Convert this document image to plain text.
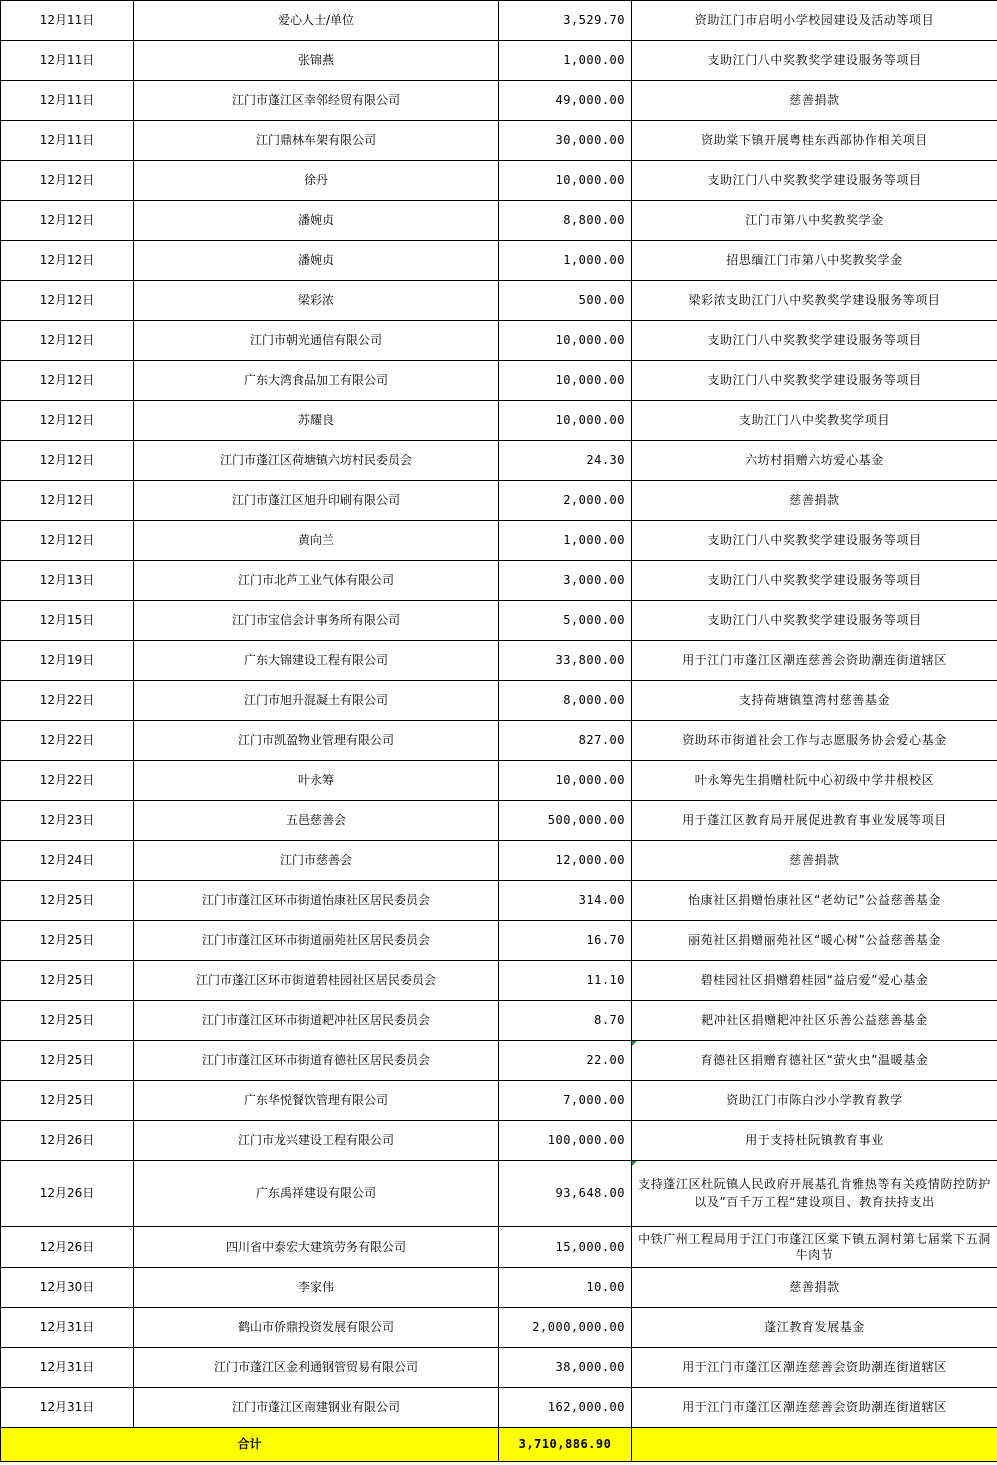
12月11日	爱心人士/单位	3,529.70	资助江门市启明小学校园建设及活动等项目
12月11日	张锦燕	1,000.00	支助江门八中奖教奖学建设服务等项目
12月11日	江门市蓬江区幸邻经贸有限公司	49,000.00	慈善捐款
12月11日	江门鼎林车架有限公司	30,000.00	资助棠下镇开展粤桂东西部协作相关项目
12月12日	徐丹	10,000.00	支助江门八中奖教奖学建设服务等项目
12月12日	潘婉贞	8,800.00	江门市第八中奖教奖学金
12月12日	潘婉贞	1,000.00	招思缅江门市第八中奖教奖学金
12月12日	梁彩浓	500.00	梁彩浓支助江门八中奖教奖学建设服务等项目
12月12日	江门市朝光通信有限公司	10,000.00	支助江门八中奖教奖学建设服务等项目
12月12日	广东大湾食品加工有限公司	10,000.00	支助江门八中奖教奖学建设服务等项目
12月12日	苏耀良	10,000.00	支助江门八中奖教奖学项目
12月12日	江门市蓬江区荷塘镇六坊村民委员会	24.30	六坊村捐赠六坊爱心基金
12月12日	江门市蓬江区旭升印刷有限公司	2,000.00	慈善捐款
12月12日	黄向兰	1,000.00	支助江门八中奖教奖学建设服务等项目
12月13日	江门市北芦工业气体有限公司	3,000.00	支助江门八中奖教奖学建设服务等项目
12月15日	江门市宝信会计事务所有限公司	5,000.00	支助江门八中奖教奖学建设服务等项目
12月19日	广东大锦建设工程有限公司	33,800.00	用于江门市蓬江区潮连慈善会资助潮连街道辖区
12月22日	江门市旭升混凝土有限公司	8,000.00	支持荷塘镇篁湾村慈善基金
12月22日	江门市凯盈物业管理有限公司	827.00	资助环市街道社会工作与志愿服务协会爱心基金
12月22日	叶永筹	10,000.00	叶永筹先生捐赠杜阮中心初级中学井根校区
12月23日	五邑慈善会	500,000.00	用于蓬江区教育局开展促进教育事业发展等项目
12月24日	江门市慈善会	12,000.00	慈善捐款
12月25日	江门市蓬江区环市街道怡康社区居民委员会	314.00	怡康社区捐赠怡康社区“老幼记”公益慈善基金
12月25日	江门市蓬江区环市街道丽苑社区居民委员会	16.70	丽苑社区捐赠丽苑社区“暖心树”公益慈善基金
12月25日	江门市蓬江区环市街道碧桂园社区居民委员会	11.10	碧桂园社区捐赠碧桂园“益启爱”爱心基金
12月25日	江门市蓬江区环市街道耙冲社区居民委员会	8.70	耙冲社区捐赠耙冲社区乐善公益慈善基金
12月25日	江门市蓬江区环市街道育德社区居民委员会	22.00	育德社区捐赠育德社区“萤火虫”温暖基金
12月25日	广东华悦餐饮管理有限公司	7,000.00	资助江门市陈白沙小学教育教学
12月26日	江门市龙兴建设工程有限公司	100,000.00	用于支持杜阮镇教育事业
12月26日	广东禹祥建设有限公司	93,648.00	支持蓬江区杜阮镇人民政府开展基孔肯雅热等有关疫情防控防护以及”百千万工程“建设项目、教育扶持支出
12月26日	四川省中泰宏大建筑劳务有限公司	15,000.00	中铁广州工程局用于江门市蓬江区棠下镇五洞村第七届棠下五洞牛肉节
12月30日	李家伟	10.00	慈善捐款
12月31日	鹤山市侨鼎投资发展有限公司	2,000,000.00	蓬江教育发展基金
12月31日	江门市蓬江区金利通钢管贸易有限公司	38,000.00	用于江门市蓬江区潮连慈善会资助潮连街道辖区
12月31日	江门市蓬江区南建钢业有限公司	162,000.00	用于江门市蓬江区潮连慈善会资助潮连街道辖区
合计		3,710,886.90	
